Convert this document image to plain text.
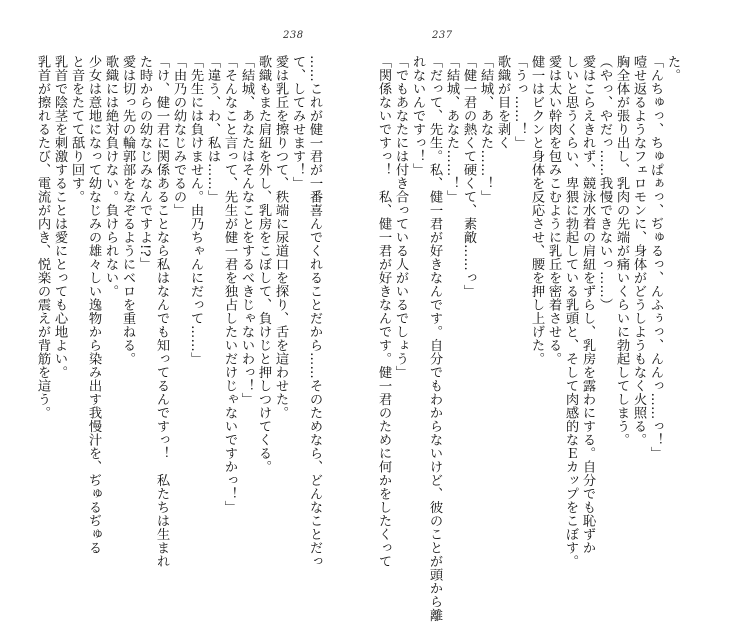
238	237

た。

「んちゅっ、ちゅぱぁっ、ぢゅるっ、んふぅっ、んんっ……っ！」

噎せ返るようなフェロモンに、身体がどうしようもなく火照る。

胸全体が張り出し、乳肉の先端が痛いくらいに勃起してしまう。

（やっ、やだっ……我慢できないっ……）

愛はこらえきれず、競泳水着の肩紐をずらし、乳房を露わにする。自分でも恥ずか

しいと思うくらい、卑猥に勃起している乳頭と、そして肉感的なＥカップをこぼす。

愛は太い幹肉を包みこむように乳丘を密着させる。

健一はビクンと身体を反応させ、腰を押し上げた。

「うっ……！」

歌織が目を剥く

「結城、あなた……！」

「健一君の熱くて硬くて、素敵……っ」

「結城、あなた……！」

「だって、先生。私、健一君が好きなんです。自分でもわからないけど、彼のことが頭から離

れないんですっ！」

「でもあなたには付き合っている人がいるでしょう」

「関係ないですっ！　私、健一君が好きなんです。健一君のために何かをしたくって

……これが健一君が一番喜んでくれることだから……そのためなら、どんなことだっ

て、してみせます！」

愛は乳丘を擦りつて、秩端に尿道口を探り、舌を這わせた。

歌織もまた肩紐を外し、乳房をこぼして、負けじと押しつけてくる。

「結城、あなたはそんなことをするべきじゃないわっ！」

「そんなこと言って、先生が健一君を独占したいだけじゃないですかっ！」

「違う、わ、私は……」

「先生には負けません。由乃ちゃんにだって……」

「由乃の幼なじみでるの」

「け、健一君に関係あることなら私はなんでも知ってるんですっ！　私たちは生まれ

た時からの幼なじみなんですよ!?」

愛は切っ先の輪郭部をなぞるようにベロを重ねる。

歌織には絶対負けない。負けられない。

少女は意地になって幼なじみの雄々しい逸物から染み出す我慢汁を、ぢゅるぢゅる

と音をたてて舐り回す。

乳首で陰茎を刺激することは愛にとっても心地よい。

乳首が擦れるたび、電流が内き、悦楽の震えが背筋を這う。
